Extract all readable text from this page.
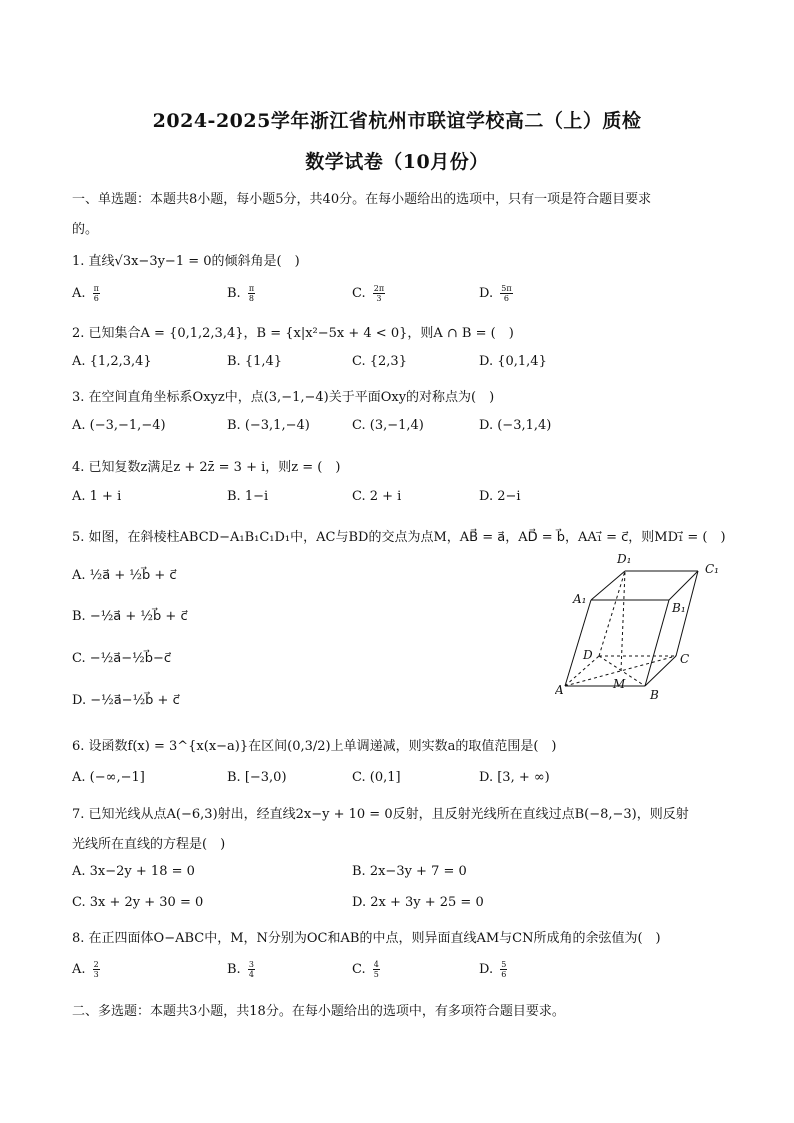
2024-2025学年浙江省杭州市联谊学校高二（上）质检
数学试卷（10月份）
一、单选题：本题共8小题，每小题5分，共40分。在每小题给出的选项中，只有一项是符合题目要求
的。
1. 直线√3x−3y−1 = 0的倾斜角是(　)
A. $\frac{\pi}{6}$	B. $\frac{\pi}{8}$	C. $\frac{2\pi}{3}$	D. $\frac{5\pi}{6}$
2. 已知集合A = {0,1,2,3,4}，B = {x|x²−5x + 4 < 0}，则A ∩ B = (　)
A. {1,2,3,4}	B. {1,4}	C. {2,3}	D. {0,1,4}
3. 在空间直角坐标系Oxyz中，点(3,−1,−4)关于平面Oxy的对称点为(　)
A. (−3,−1,−4)	B. (−3,1,−4)	C. (3,−1,4)	D. (−3,1,4)
4. 已知复数z满足z + 2z̄ = 3 + i，则z = (　)
A. 1 + i	B. 1−i	C. 2 + i	D. 2−i
5. 如图，在斜棱柱ABCD−A₁B₁C₁D₁中，AC与BD的交点为点M，AB⃗ = a⃗，AD⃗ = b⃗，AA₁⃗ = c⃗，则MD₁⃗ = (　)
A. ½a⃗ + ½b⃗ + c⃗
B. −½a⃗ + ½b⃗ + c⃗
C. −½a⃗−½b⃗−c⃗
D. −½a⃗−½b⃗ + c⃗
D₁
C₁
A₁
B₁
D	C
A	M
B
6. 设函数f(x) = 3^{x(x−a)}在区间(0,3/2)上单调递减，则实数a的取值范围是(　)
A. (−∞,−1]	B. [−3,0)	C. (0,1]	D. [3, + ∞)
7. 已知光线从点A(−6,3)射出，经直线2x−y + 10 = 0反射，且反射光线所在直线过点B(−8,−3)，则反射
光线所在直线的方程是(　)
A. 3x−2y + 18 = 0	B. 2x−3y + 7 = 0
C. 3x + 2y + 30 = 0	D. 2x + 3y + 25 = 0
8. 在正四面体O−ABC中，M，N分别为OC和AB的中点，则异面直线AM与CN所成角的余弦值为(　)
A. $\frac{2}{3}$	B. $\frac{3}{4}$	C. $\frac{4}{5}$	D. $\frac{5}{6}$
二、多选题：本题共3小题，共18分。在每小题给出的选项中，有多项符合题目要求。
